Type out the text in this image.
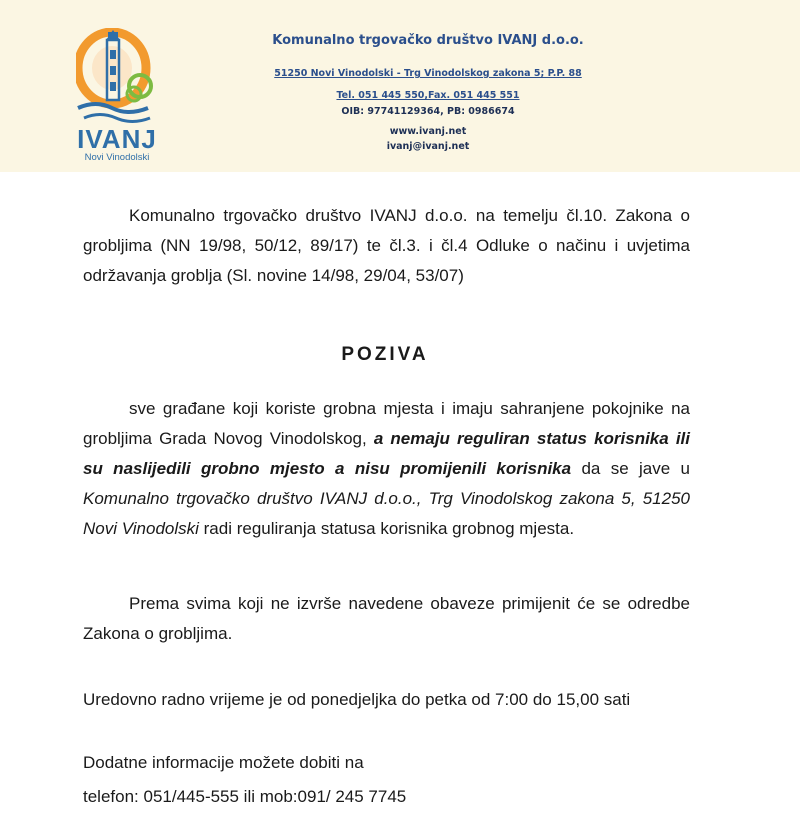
IVANJ
Novi Vinodolski
Komunalno trgovačko društvo IVANJ d.o.o.
51250 Novi Vinodolski - Trg Vinodolskog zakona 5; P.P. 88
Tel. 051 445 550,Fax. 051 445 551
OIB: 97741129364, PB: 0986674
www.ivanj.net
ivanj@ivanj.net
Komunalno trgovačko društvo IVANJ d.o.o. na temelju čl.10. Zakona o grobljima (NN 19/98, 50/12, 89/17) te čl.3. i čl.4 Odluke o načinu i uvjetima održavanja groblja (Sl. novine 14/98, 29/04, 53/07)
POZIVA
sve građane koji koriste grobna mjesta i imaju sahranjene pokojnike na grobljima Grada Novog Vinodolskog, a nemaju reguliran status korisnika ili su naslijedili grobno mjesto a nisu promijenili korisnika da se jave u Komunalno trgovačko društvo IVANJ d.o.o., Trg Vinodolskog zakona 5, 51250 Novi Vinodolski radi reguliranja statusa korisnika grobnog mjesta.
Prema svima koji ne izvrše navedene obaveze primijenit će se odredbe Zakona o grobljima.
Uredovno radno vrijeme je od ponedjeljka do petka od 7:00 do 15,00 sati
Dodatne informacije možete dobiti na
telefon: 051/445-555 ili mob:091/ 245 7745
